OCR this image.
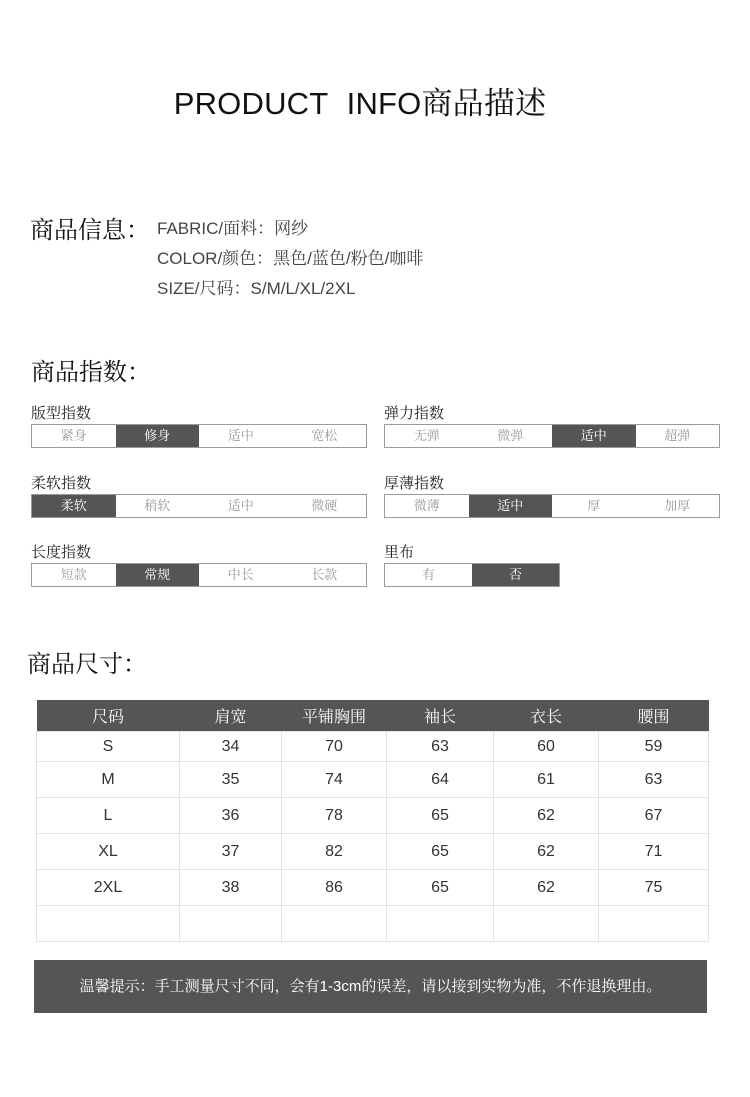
PRODUCT INFO商品描述
商品信息： FABRIC/面料：网纱
COLOR/颜色：黑色/蓝色/粉色/咖啡
SIZE/尺码：S/M/L/XL/2XL
商品指数：
版型指数
紧身	修身	适中	宽松
弹力指数
无弹	微弹	适中	超弹
柔软指数
柔软	稍软	适中	微硬
厚薄指数
微薄	适中	厚	加厚
长度指数
短款	常规	中长	长款
里布
有	否
商品尺寸：
尺码	肩宽	平铺胸围	袖长	衣长	腰围
S	34	70	63	60	59
M	35	74	64	61	63
L	36	78	65	62	67
XL	37	82	65	62	71
2XL	38	86	65	62	75

温馨提示：手工测量尺寸不同，会有1-3cm的误差，请以接到实物为准，不作退换理由。
